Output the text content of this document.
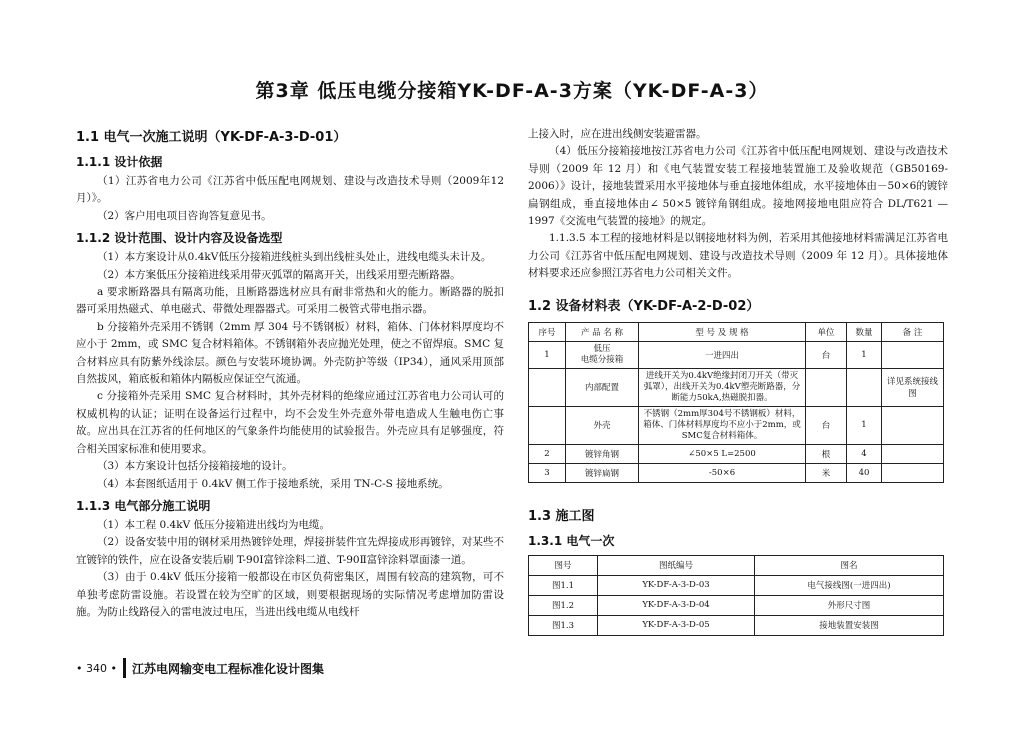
第3章 低压电缆分接箱YK-DF-A-3方案（YK-DF-A-3）
1.1 电气一次施工说明（YK-DF-A-3-D-01）
1.1.1 设计依据

（1）江苏省电力公司《江苏省中低压配电网规划、建设与改造技术导则（2009年12月）》。

（2）客户用电项目咨询答复意见书。

1.1.2 设计范围、设计内容及设备选型

（1）本方案设计从0.4kV低压分接箱进线桩头到出线桩头处止，进线电缆头未计及。

（2）本方案低压分接箱进线采用带灭弧罩的隔离开关，出线采用塑壳断路器。

a 要求断路器具有隔离功能，且断路器选材应具有耐非常热和火的能力。断路器的脱扣器可采用热磁式、单电磁式、带微处理器器式。可采用二极管式带电指示器。

b 分接箱外壳采用不锈钢（2mm 厚 304 号不锈钢板）材料，箱体、门体材料厚度均不应小于 2mm，或 SMC 复合材料箱体。不锈钢箱外表应抛光处理，使之不留焊痕。SMC 复合材料应具有防紫外线涂层。颜色与安装环境协调。外壳防护等级（IP34），通风采用顶部自然拔风，箱底板和箱体内隔板应保证空气流通。

c 分接箱外壳采用 SMC 复合材料时，其外壳材料的绝缘应通过江苏省电力公司认可的权威机构的认证；证明在设备运行过程中，均不会发生外壳意外带电造成人生触电伤亡事故。应出具在江苏省的任何地区的气象条件均能使用的试验报告。外壳应具有足够强度，符合相关国家标准和使用要求。

（3）本方案设计包括分接箱接地的设计。

（4）本套图纸适用于 0.4kV 侧工作于接地系统，采用 TN-C-S 接地系统。

1.1.3 电气部分施工说明

（1）本工程 0.4kV 低压分接箱进出线均为电缆。

（2）设备安装中用的钢材采用热镀锌处理，焊接拼装件宜先焊接成形再镀锌，对某些不宜镀锌的铁件，应在设备安装后刷 T-90Ⅰ富锌涂料二道、T-90Ⅱ富锌涂料罩面漆一道。

（3）由于 0.4kV 低压分接箱一般都设在市区负荷密集区，周围有较高的建筑物，可不单独考虑防雷设施。若设置在较为空旷的区域，则要根据现场的实际情况考虑增加防雷设施。为防止线路侵入的雷电波过电压，当进出线电缆从电线杆

上接入时，应在进出线侧安装避雷器。

（4）低压分接箱接地按江苏省电力公司《江苏省中低压配电网规划、建设与改造技术导则（2009 年 12 月）和《电气装置安装工程接地装置施工及验收规范（GB50169-2006）》设计，接地装置采用水平接地体与垂直接地体组成，水平接地体由－50×6的镀锌扁钢组成，垂直接地体由∠ 50×5 镀锌角钢组成。接地网接地电阻应符合 DL/T621 — 1997《交流电气装置的接地》的规定。

1.1.3.5 本工程的接地材料是以钢接地材料为例，若采用其他接地材料需满足江苏省电力公司《江苏省中低压配电网规划、建设与改造技术导则（2009 年 12 月）。具体接地体材料要求还应参照江苏省电力公司相关文件。

1.2 设备材料表（YK-DF-A-2-D-02）
序号	产 品 名 称	型 号 及 规 格	单位	数量	备 注
1	低压
电缆分接箱	一进四出	台	1	
	内部配置	进线开关为0.4kV绝缘封闭刀开关（带灭弧罩），出线开关为0.4kV塑壳断路器，分断能力50kA,热磁脱扣器。			详见系统接线图
	外壳	不锈钢（2mm厚304号不锈钢板）材料，箱体、门体材料厚度均不应小于2mm，或SMC复合材料箱体。	台	1	
2	镀锌角钢	∠50×5 L=2500	根	4	
3	镀锌扁钢	-50×6	米	40	
1.3 施工图
1.3.1 电气一次
图号	图纸编号	图名
图1.1	YK-DF-A-3-D-03	电气接线图(一进四出)
图1.2	YK-DF-A-3-D-04	外形尺寸图
图1.3	YK-DF-A-3-D-05	接地装置安装图
• 340 • 江苏电网输变电工程标准化设计图集
